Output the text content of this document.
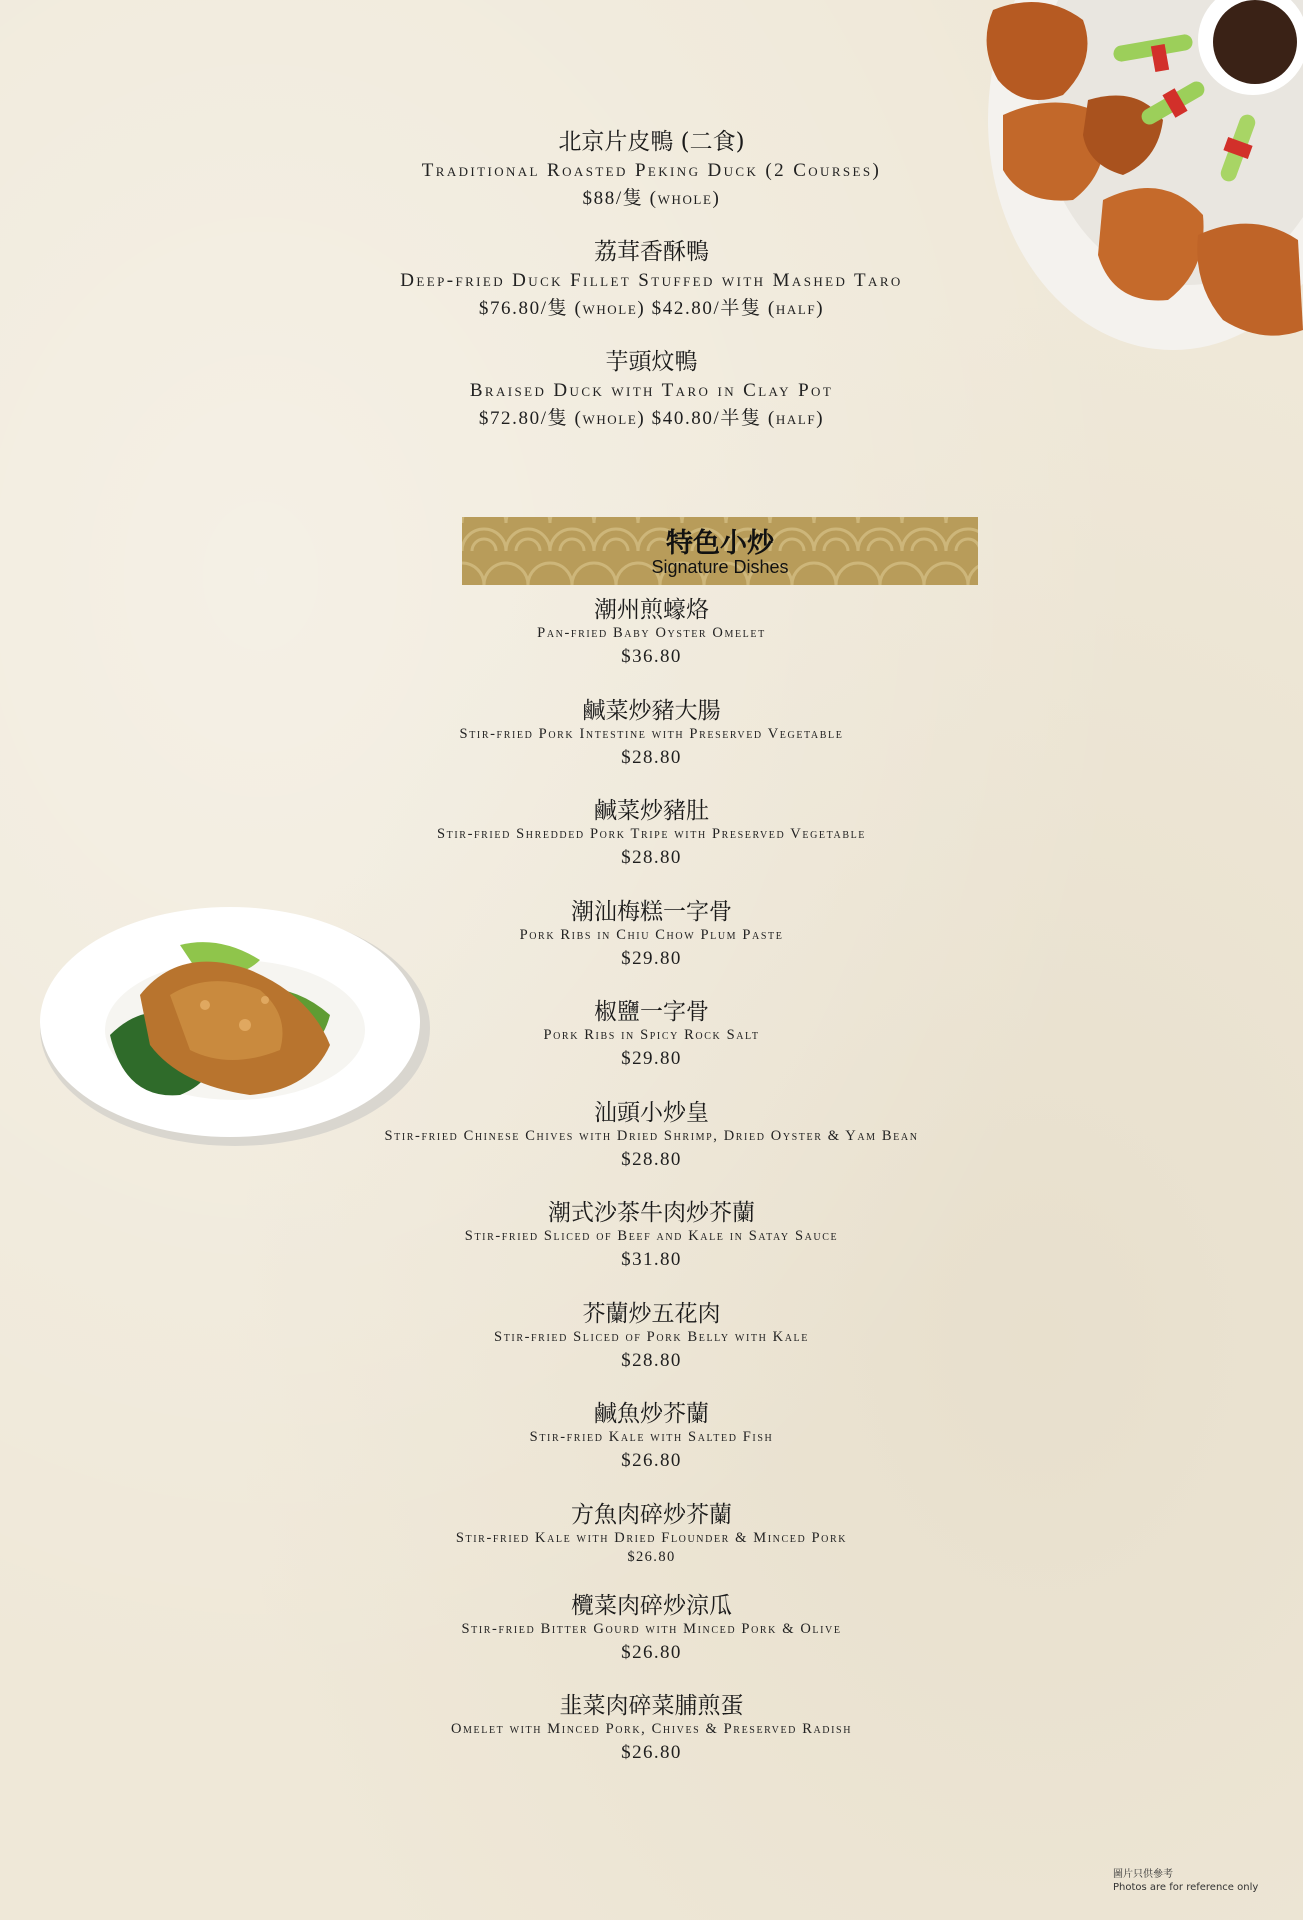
北京片皮鴨 (二食)
Traditional Roasted Peking Duck (2 Courses)
$88/隻 (whole)
荔茸香酥鴨
Deep-fried Duck Fillet Stuffed with Mashed Taro
$76.80/隻 (whole) $42.80/半隻 (half)
芋頭炆鴨
Braised Duck with Taro in Clay Pot
$72.80/隻 (whole) $40.80/半隻 (half)
特色小炒
Signature Dishes
潮州煎蠔烙
Pan-fried Baby Oyster Omelet
$36.80
鹹菜炒豬大腸
Stir-fried Pork Intestine with Preserved Vegetable
$28.80
鹹菜炒豬肚
Stir-fried Shredded Pork Tripe with Preserved Vegetable
$28.80
潮汕梅糕一字骨
Pork Ribs in Chiu Chow Plum Paste
$29.80
椒鹽一字骨
Pork Ribs in Spicy Rock Salt
$29.80
汕頭小炒皇
Stir-fried Chinese Chives with Dried Shrimp, Dried Oyster & Yam Bean
$28.80
潮式沙茶牛肉炒芥蘭
Stir-fried Sliced of Beef and Kale in Satay Sauce
$31.80
芥蘭炒五花肉
Stir-fried Sliced of Pork Belly with Kale
$28.80
鹹魚炒芥蘭
Stir-fried Kale with Salted Fish
$26.80
方魚肉碎炒芥蘭
Stir-fried Kale with Dried Flounder & Minced Pork
$26.80
欖菜肉碎炒涼瓜
Stir-fried Bitter Gourd with Minced Pork & Olive
$26.80
韭菜肉碎菜脯煎蛋
Omelet with Minced Pork, Chives & Preserved Radish
$26.80
圖片只供參考
Photos are for reference only
